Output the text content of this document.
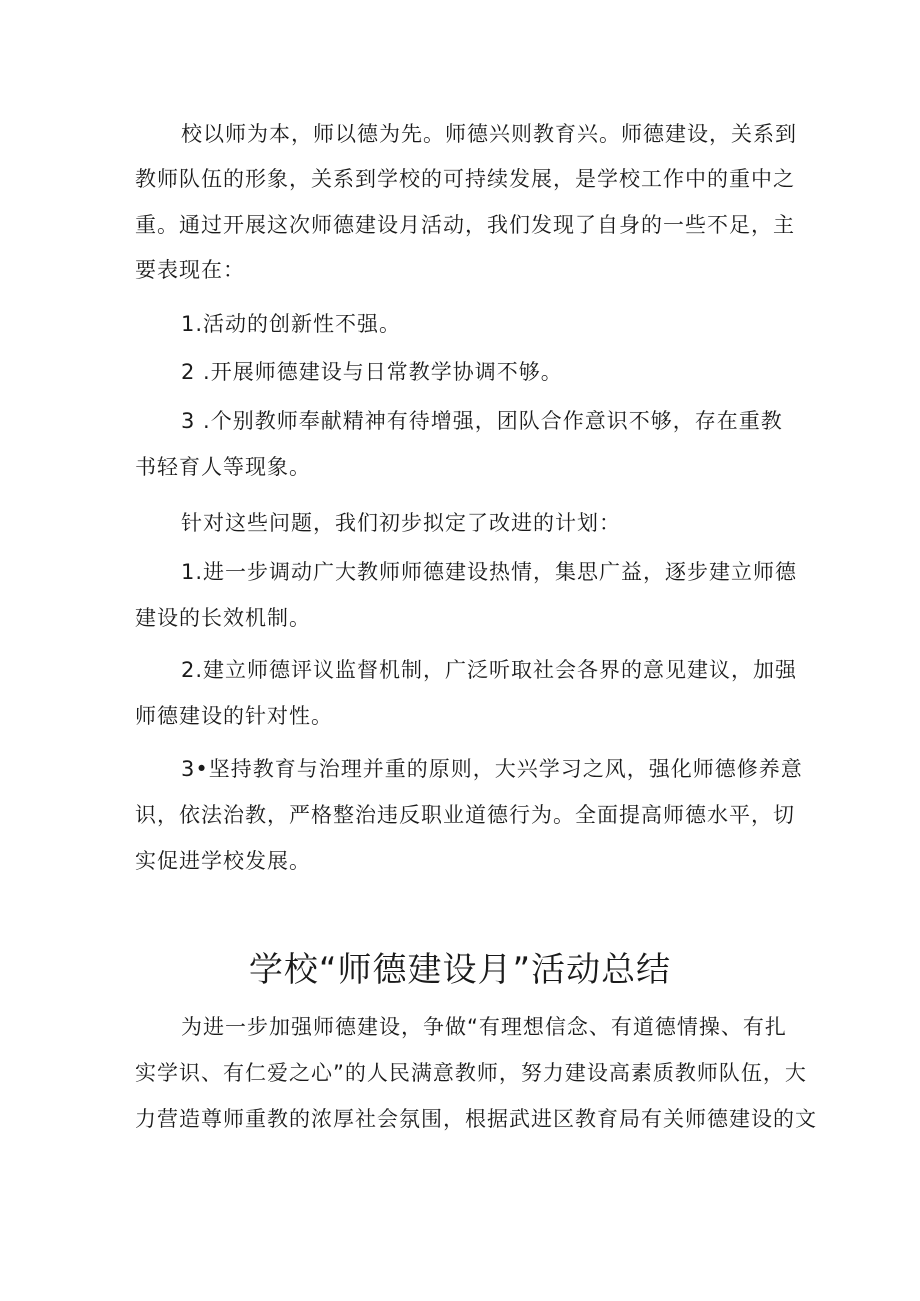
校以师为本，师以德为先。师德兴则教育兴。师德建设，关系到
教师队伍的形象，关系到学校的可持续发展，是学校工作中的重中之
重。通过开展这次师德建设月活动，我们发现了自身的一些不足，主
要表现在：
1.活动的创新性不强。
2 .开展师德建设与日常教学协调不够。
3 .个别教师奉献精神有待增强，团队合作意识不够，存在重教
书轻育人等现象。
针对这些问题，我们初步拟定了改进的计划：
1.进一步调动广大教师师德建设热情，集思广益，逐步建立师德
建设的长效机制。
2.建立师德评议监督机制，广泛听取社会各界的意见建议，加强
师德建设的针对性。
3•坚持教育与治理并重的原则，大兴学习之风，强化师德修养意
识，依法治教，严格整治违反职业道德行为。全面提高师德水平，切
实促进学校发展。
学校“师德建设月”活动总结
为进一步加强师德建设，争做“有理想信念、有道德情操、有扎
实学识、有仁爱之心”的人民满意教师，努力建设高素质教师队伍，大
力营造尊师重教的浓厚社会氛围，根据武进区教育局有关师德建设的文
